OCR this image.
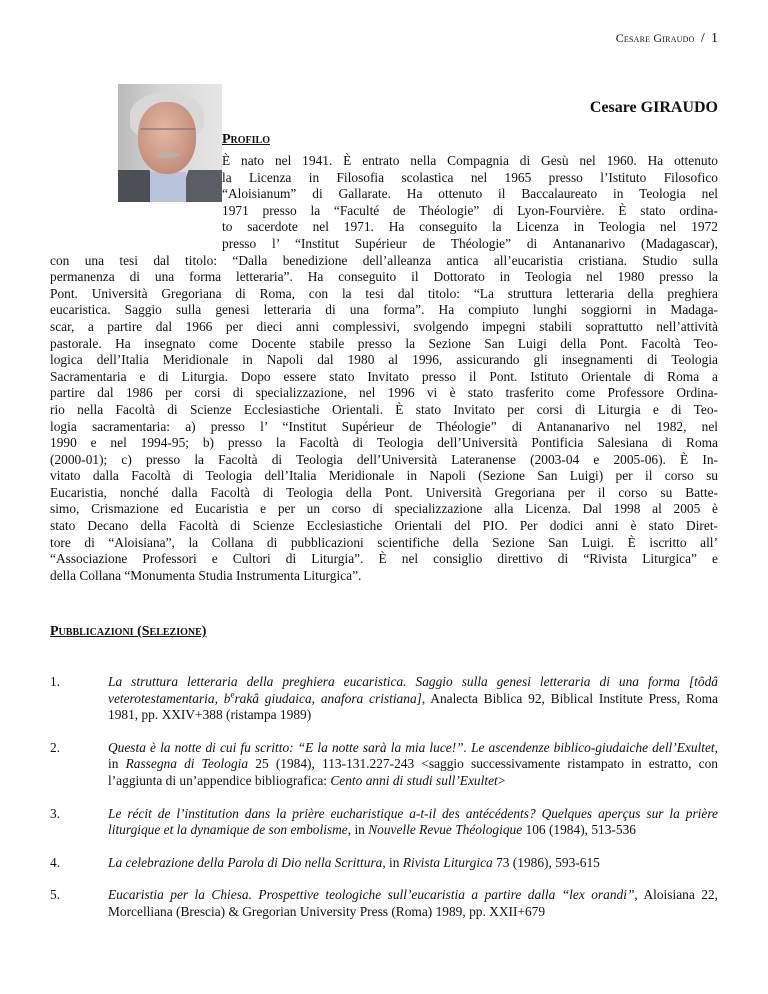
Cesare Giraudo / 1
Cesare GIRAUDO
Profilo
È nato nel 1941. È entrato nella Compagnia di Gesù nel 1960. Ha ottenuto
la Licenza in Filosofia scolastica nel 1965 presso l’Istituto Filosofico
“Aloisianum” di Gallarate. Ha ottenuto il Baccalaureato in Teologia nel
1971 presso la “Faculté de Théologie” di Lyon-Fourvière. È stato ordina-
to sacerdote nel 1971. Ha conseguito la Licenza in Teologia nel 1972
presso l’ “Institut Supérieur de Théologie” di Antananarivo (Madagascar),
con una tesi dal titolo: “Dalla benedizione dell’alleanza antica all’eucaristia cristiana. Studio sulla
permanenza di una forma letteraria”. Ha conseguito il Dottorato in Teologia nel 1980 presso la
Pont. Università Gregoriana di Roma, con la tesi dal titolo: “La struttura letteraria della preghiera
eucaristica. Saggio sulla genesi letteraria di una forma”. Ha compiuto lunghi soggiorni in Madaga-
scar, a partire dal 1966 per dieci anni complessivi, svolgendo impegni stabili soprattutto nell’attività
pastorale. Ha insegnato come Docente stabile presso la Sezione San Luigi della Pont. Facoltà Teo-
logica dell’Italia Meridionale in Napoli dal 1980 al 1996, assicurando gli insegnamenti di Teologia
Sacramentaria e di Liturgia. Dopo essere stato Invitato presso il Pont. Istituto Orientale di Roma a
partire dal 1986 per corsi di specializzazione, nel 1996 vi è stato trasferito come Professore Ordina-
rio nella Facoltà di Scienze Ecclesiastiche Orientali. È stato Invitato per corsi di Liturgia e di Teo-
logia sacramentaria: a) presso l’ “Institut Supérieur de Théologie” di Antananarivo nel 1982, nel
1990 e nel 1994-95; b) presso la Facoltà di Teologia dell’Università Pontificia Salesiana di Roma
(2000-01); c) presso la Facoltà di Teologia dell’Università Lateranense (2003-04 e 2005-06). È In-
vitato dalla Facoltà di Teologia dell’Italia Meridionale in Napoli (Sezione San Luigi) per il corso su
Eucaristia, nonché dalla Facoltà di Teologia della Pont. Università Gregoriana per il corso su Batte-
simo, Crismazione ed Eucaristia e per un corso di specializzazione alla Licenza. Dal 1998 al 2005 è
stato Decano della Facoltà di Scienze Ecclesiastiche Orientali del PIO. Per dodici anni è stato Diret-
tore di “Aloisiana”, la Collana di pubblicazioni scientifiche della Sezione San Luigi. È iscritto all’
“Associazione Professori e Cultori di Liturgia”. È nel consiglio direttivo di “Rivista Liturgica” e
della Collana “Monumenta Studia Instrumenta Liturgica”.
Pubblicazioni (Selezione)
1.	La struttura letteraria della preghiera eucaristica. Saggio sulla genesi letteraria di una forma [tôdâ veterotestamentaria, $b^erakâ$ giudaica, anafora cristiana], Analecta Biblica 92, Biblical Institute Press, Roma 1981, pp. XXIV+388 (ristampa 1989)
2.	Questa è la notte di cui fu scritto: “E la notte sarà la mia luce!”. Le ascendenze biblico-giudaiche dell’Exultet, in Rassegna di Teologia 25 (1984), 113-131.227-243 <saggio successivamente ristampato in estratto, con l’aggiunta di un’appendice bibliografica: Cento anni di studi sull’Exultet>
3.	Le récit de l’institution dans la prière eucharistique a-t-il des antécédents? Quelques aperçus sur la prière liturgique et la dynamique de son embolisme, in Nouvelle Revue Théologique 106 (1984), 513-536
4.	La celebrazione della Parola di Dio nella Scrittura, in Rivista Liturgica 73 (1986), 593-615
5.	Eucaristia per la Chiesa. Prospettive teologiche sull’eucaristia a partire dalla “lex orandi”, Aloisiana 22, Morcelliana (Brescia) & Gregorian University Press (Roma) 1989, pp. XXII+679
